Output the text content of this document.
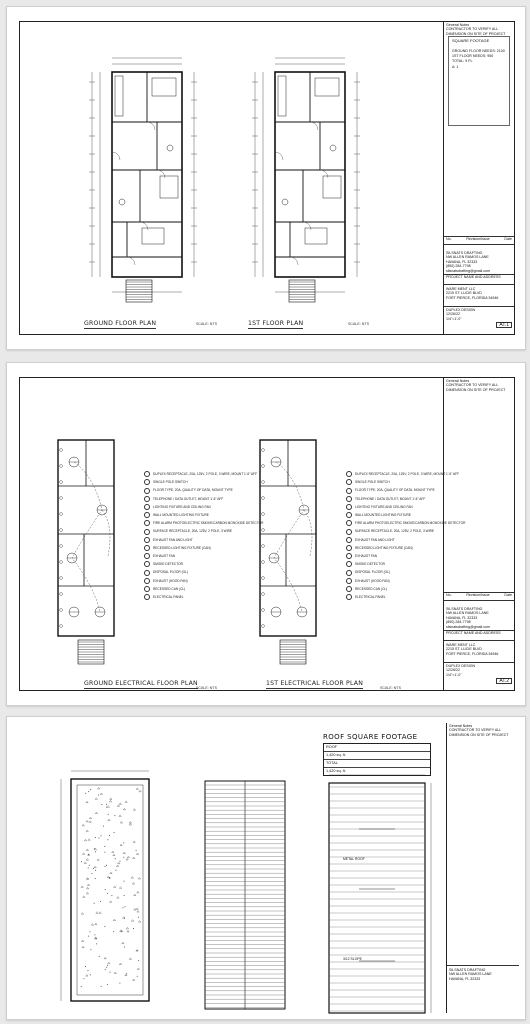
GROUND FLOOR PLAN	SCALE: NTS	1ST FLOOR PLAN	SCALE: NTS
General Notes
CONTRACTOR TO VERIFY ALL
DIMENSION ON SITE OF PROJECT
SQUARE FOOTAGE
GROUND FLOOR NEEDS: 2100
1ST FLOOR NEEDS: 950
TOTAL: 9 FL
A: 1
No.	Revision/Issue	Date
SILSNATS DRAFTING
NW ALLEN RAMOS LANE
HAVANA, FL 32333
(850) 284-7798
silsnatsdrafting@gmail.com
PROJECT NAME AND ADDRESS
WARE MENT LLC
2215 ST. LUCIE BLVD
FORT PIERCE, FLORIDA 34946
DUPLEX DESIGN
12/26/22
1/4"=1'-0"
AT.1
DUPLEX RECEPTACLE, 20A, 125V, 2 POLE, 3 WIRE, MOUNT 1'-6" AFF
SINGLE POLE SWITCH
FLOOR TYPE, 20A, QUALITY OF DATA, MOUNT TYPE
TELEPHONE / DATA OUTLET, MOUNT 1'-6" AFF
LIGHTING FIXTURE AND CEILING FAN
WALL MOUNTED LIGHTING FIXTURE
FIRE ALARM PHOTOELECTRIC SMOKE/CARBON MONOXIDE DETECTOR
SURFACE RECEPTACLE, 20A, 125V, 2 POLE, 3 WIRE
EXHAUST FAN AND LIGHT
RECESSED LIGHTING FIXTURE (CAN)
EXHAUST FAN
SMOKE DETECTOR
DISPOSAL FLOOR (GL)
EXHAUST (HOOD FAN)
RECESSED CAN (CL)
ELECTRICAL PANEL
DUPLEX RECEPTACLE, 20A, 125V, 2 POLE, 3 WIRE, MOUNT 1'-6" AFF
SINGLE POLE SWITCH
FLOOR TYPE, 20A, QUALITY OF DATA, MOUNT TYPE
TELEPHONE / DATA OUTLET, MOUNT 1'-6" AFF
LIGHTING FIXTURE AND CEILING FAN
WALL MOUNTED LIGHTING FIXTURE
FIRE ALARM PHOTOELECTRIC SMOKE/CARBON MONOXIDE DETECTOR
SURFACE RECEPTACLE, 20A, 125V, 2 POLE, 3 WIRE
EXHAUST FAN AND LIGHT
RECESSED LIGHTING FIXTURE (CAN)
EXHAUST FAN
SMOKE DETECTOR
DISPOSAL FLOOR (GL)
EXHAUST (HOOD FAN)
RECESSED CAN (CL)
ELECTRICAL PANEL
GROUND ELECTRICAL FLOOR PLAN
SCALE: NTS
1ST ELECTRICAL FLOOR PLAN
SCALE: NTS
General Notes
CONTRACTOR TO VERIFY ALL
DIMENSION ON SITE OF PROJECT
No.	Revision/Issue	Date
SILSNATS DRAFTING
NW ALLEN RAMOS LANE
HAVANA, FL 32333
(850) 284-7798
silsnatsdrafting@gmail.com
PROJECT NAME AND ADDRESS
WARE MENT LLC
2215 ST. LUCIE BLVD
FORT PIERCE, FLORIDA 34946
DUPLEX DESIGN
12/26/22
1/4"=1'-0"
AT.2
ROOF SQUARE FOOTAGE
ROOF
1,420 sq. ft.
TOTAL
1,420 sq. ft.
METAL ROOF
3/12 SLOPE
General Notes
CONTRACTOR TO VERIFY ALL
DIMENSION ON SITE OF PROJECT
SILSNATS DRAFTING
NW ALLEN RAMOS LANE
HAVANA, FL 32333
